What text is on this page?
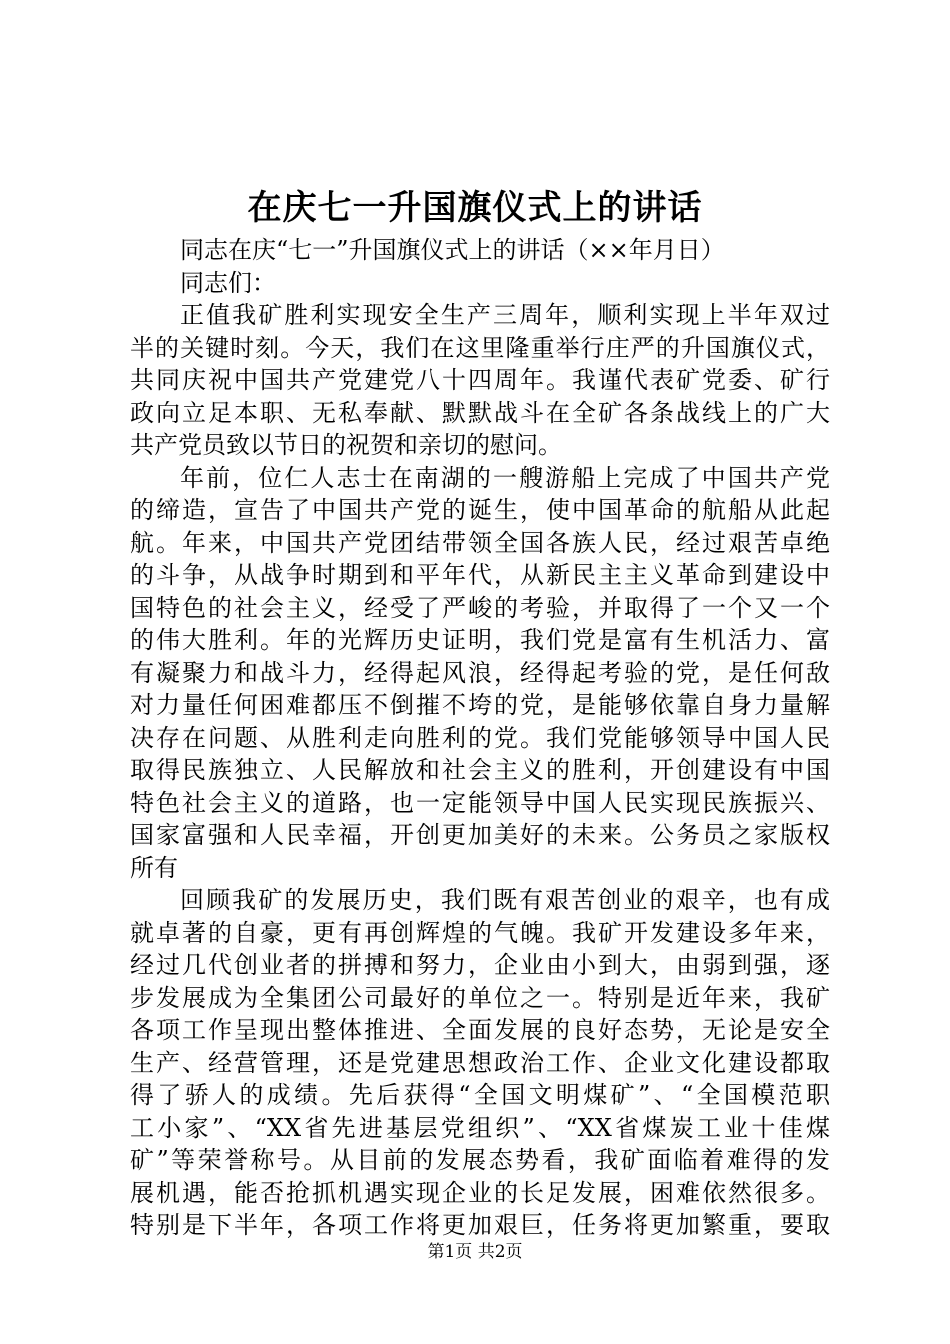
在庆七一升国旗仪式上的讲话
同志在庆“七一”升国旗仪式上的讲话（××年月日）
同志们：
正值我矿胜利实现安全生产三周年，顺利实现上半年双过
半的关键时刻。今天，我们在这里隆重举行庄严的升国旗仪式，
共同庆祝中国共产党建党八十四周年。我谨代表矿党委、矿行
政向立足本职、无私奉献、默默战斗在全矿各条战线上的广大
共产党员致以节日的祝贺和亲切的慰问。
年前，位仁人志士在南湖的一艘游船上完成了中国共产党
的缔造，宣告了中国共产党的诞生，使中国革命的航船从此起
航。年来，中国共产党团结带领全国各族人民，经过艰苦卓绝
的斗争，从战争时期到和平年代，从新民主主义革命到建设中
国特色的社会主义，经受了严峻的考验，并取得了一个又一个
的伟大胜利。年的光辉历史证明，我们党是富有生机活力、富
有凝聚力和战斗力，经得起风浪，经得起考验的党，是任何敌
对力量任何困难都压不倒摧不垮的党，是能够依靠自身力量解
决存在问题、从胜利走向胜利的党。我们党能够领导中国人民
取得民族独立、人民解放和社会主义的胜利，开创建设有中国
特色社会主义的道路，也一定能领导中国人民实现民族振兴、
国家富强和人民幸福，开创更加美好的未来。公务员之家版权
所有
回顾我矿的发展历史，我们既有艰苦创业的艰辛，也有成
就卓著的自豪，更有再创辉煌的气魄。我矿开发建设多年来，
经过几代创业者的拼搏和努力，企业由小到大，由弱到强，逐
步发展成为全集团公司最好的单位之一。特别是近年来，我矿
各项工作呈现出整体推进、全面发展的良好态势，无论是安全
生产、经营管理，还是党建思想政治工作、企业文化建设都取
得了骄人的成绩。先后获得“全国文明煤矿”、“全国模范职
工小家”、“XX省先进基层党组织”、“XX省煤炭工业十佳煤
矿”等荣誉称号。从目前的发展态势看，我矿面临着难得的发
展机遇，能否抢抓机遇实现企业的长足发展，困难依然很多。
特别是下半年，各项工作将更加艰巨，任务将更加繁重，要取
第1页 共2页
